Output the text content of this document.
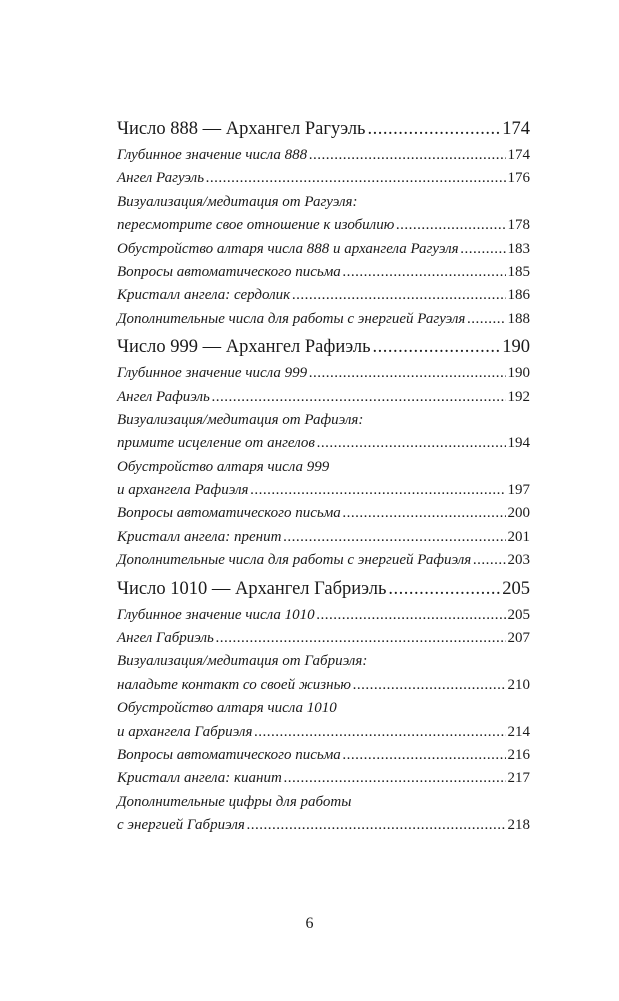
Число 888 — Архангел Рагуэль .....	174
Глубинное значение числа 888 .....	174
Ангел Рагуэль .....	176
Визуализация/медитация от Рагуэля:
пересмотрите свое отношение к изобилию .....	178
Обустройство алтаря числа 888 и архангела Рагуэля .....	183
Вопросы автоматического письма .....	185
Кристалл ангела: сердолик .....	186
Дополнительные числа для работы с энергией Рагуэля .....	188
Число 999 — Архангел Рафиэль .....	190
Глубинное значение числа 999 .....	190
Ангел Рафиэль .....	192
Визуализация/медитация от Рафиэля:
примите исцеление от ангелов .....	194
Обустройство алтаря числа 999
и архангела Рафиэля .....	197
Вопросы автоматического письма .....	200
Кристалл ангела: пренит .....	201
Дополнительные числа для работы с энергией Рафиэля ..... 203
Число 1010 — Архангел Габриэль .....	205
Глубинное значение числа 1010 .....	205
Ангел Габриэль .....	207
Визуализация/медитация от Габриэля:
наладьте контакт со своей жизнью .....	210
Обустройство алтаря числа 1010
и архангела Габриэля .....	214
Вопросы автоматического письма .....	216
Кристалл ангела: кианит .....	217
Дополнительные цифры для работы
с энергией Габриэля .....	218
6
